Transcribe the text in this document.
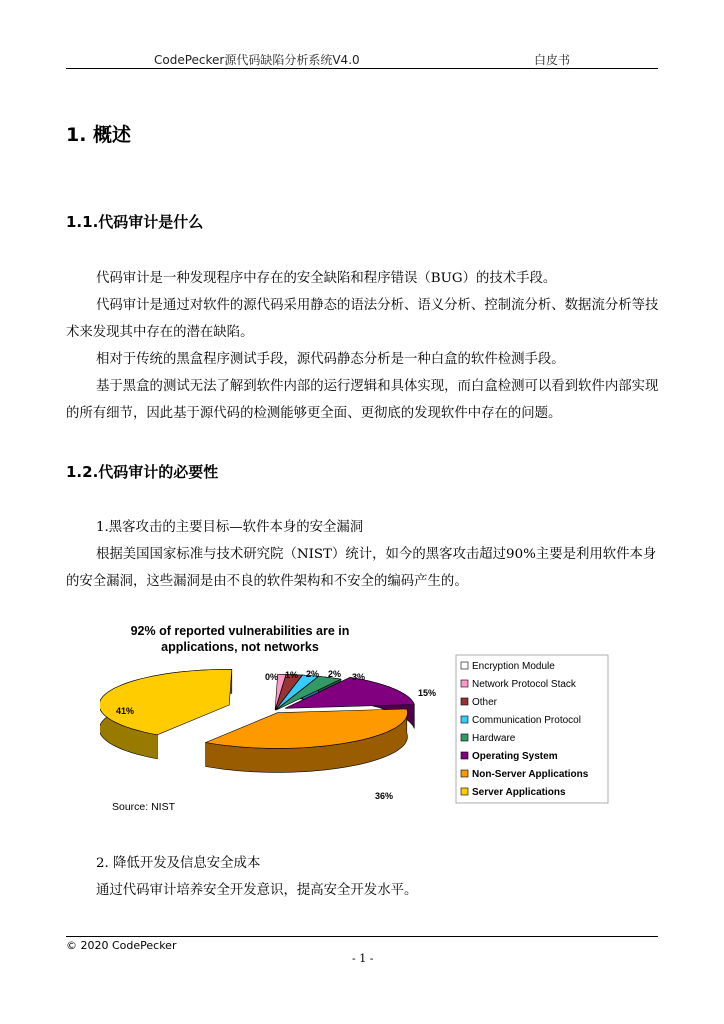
CodePecker源代码缺陷分析系统V4.0	白皮书
1. 概述
1.1.代码审计是什么

代码审计是一种发现程序中存在的安全缺陷和程序错误（BUG）的技术手段。

代码审计是通过对软件的源代码采用静态的语法分析、语义分析、控制流分析、数据流分析等技术来发现其中存在的潜在缺陷。

相对于传统的黑盒程序测试手段，源代码静态分析是一种白盒的软件检测手段。

基于黑盒的测试无法了解到软件内部的运行逻辑和具体实现，而白盒检测可以看到软件内部实现的所有细节，因此基于源代码的检测能够更全面、更彻底的发现软件中存在的问题。

1.2.代码审计的必要性

1.黑客攻击的主要目标—软件本身的安全漏洞

根据美国国家标准与技术研究院（NIST）统计，如今的黑客攻击超过90%主要是利用软件本身的安全漏洞，这些漏洞是由不良的软件架构和不安全的编码产生的。

92% of reported vulnerabilities are in
applications, not networks
0% 1% 2% 2% 3%
15%
36%
41%
Source: NIST
Encryption Module
Network Protocol Stack
Other
Communication Protocol
Hardware
Operating System
Non-Server Applications
Server Applications

2. 降低开发及信息安全成本

通过代码审计培养安全开发意识，提高安全开发水平。

© 2020 CodePecker
- 1 -
